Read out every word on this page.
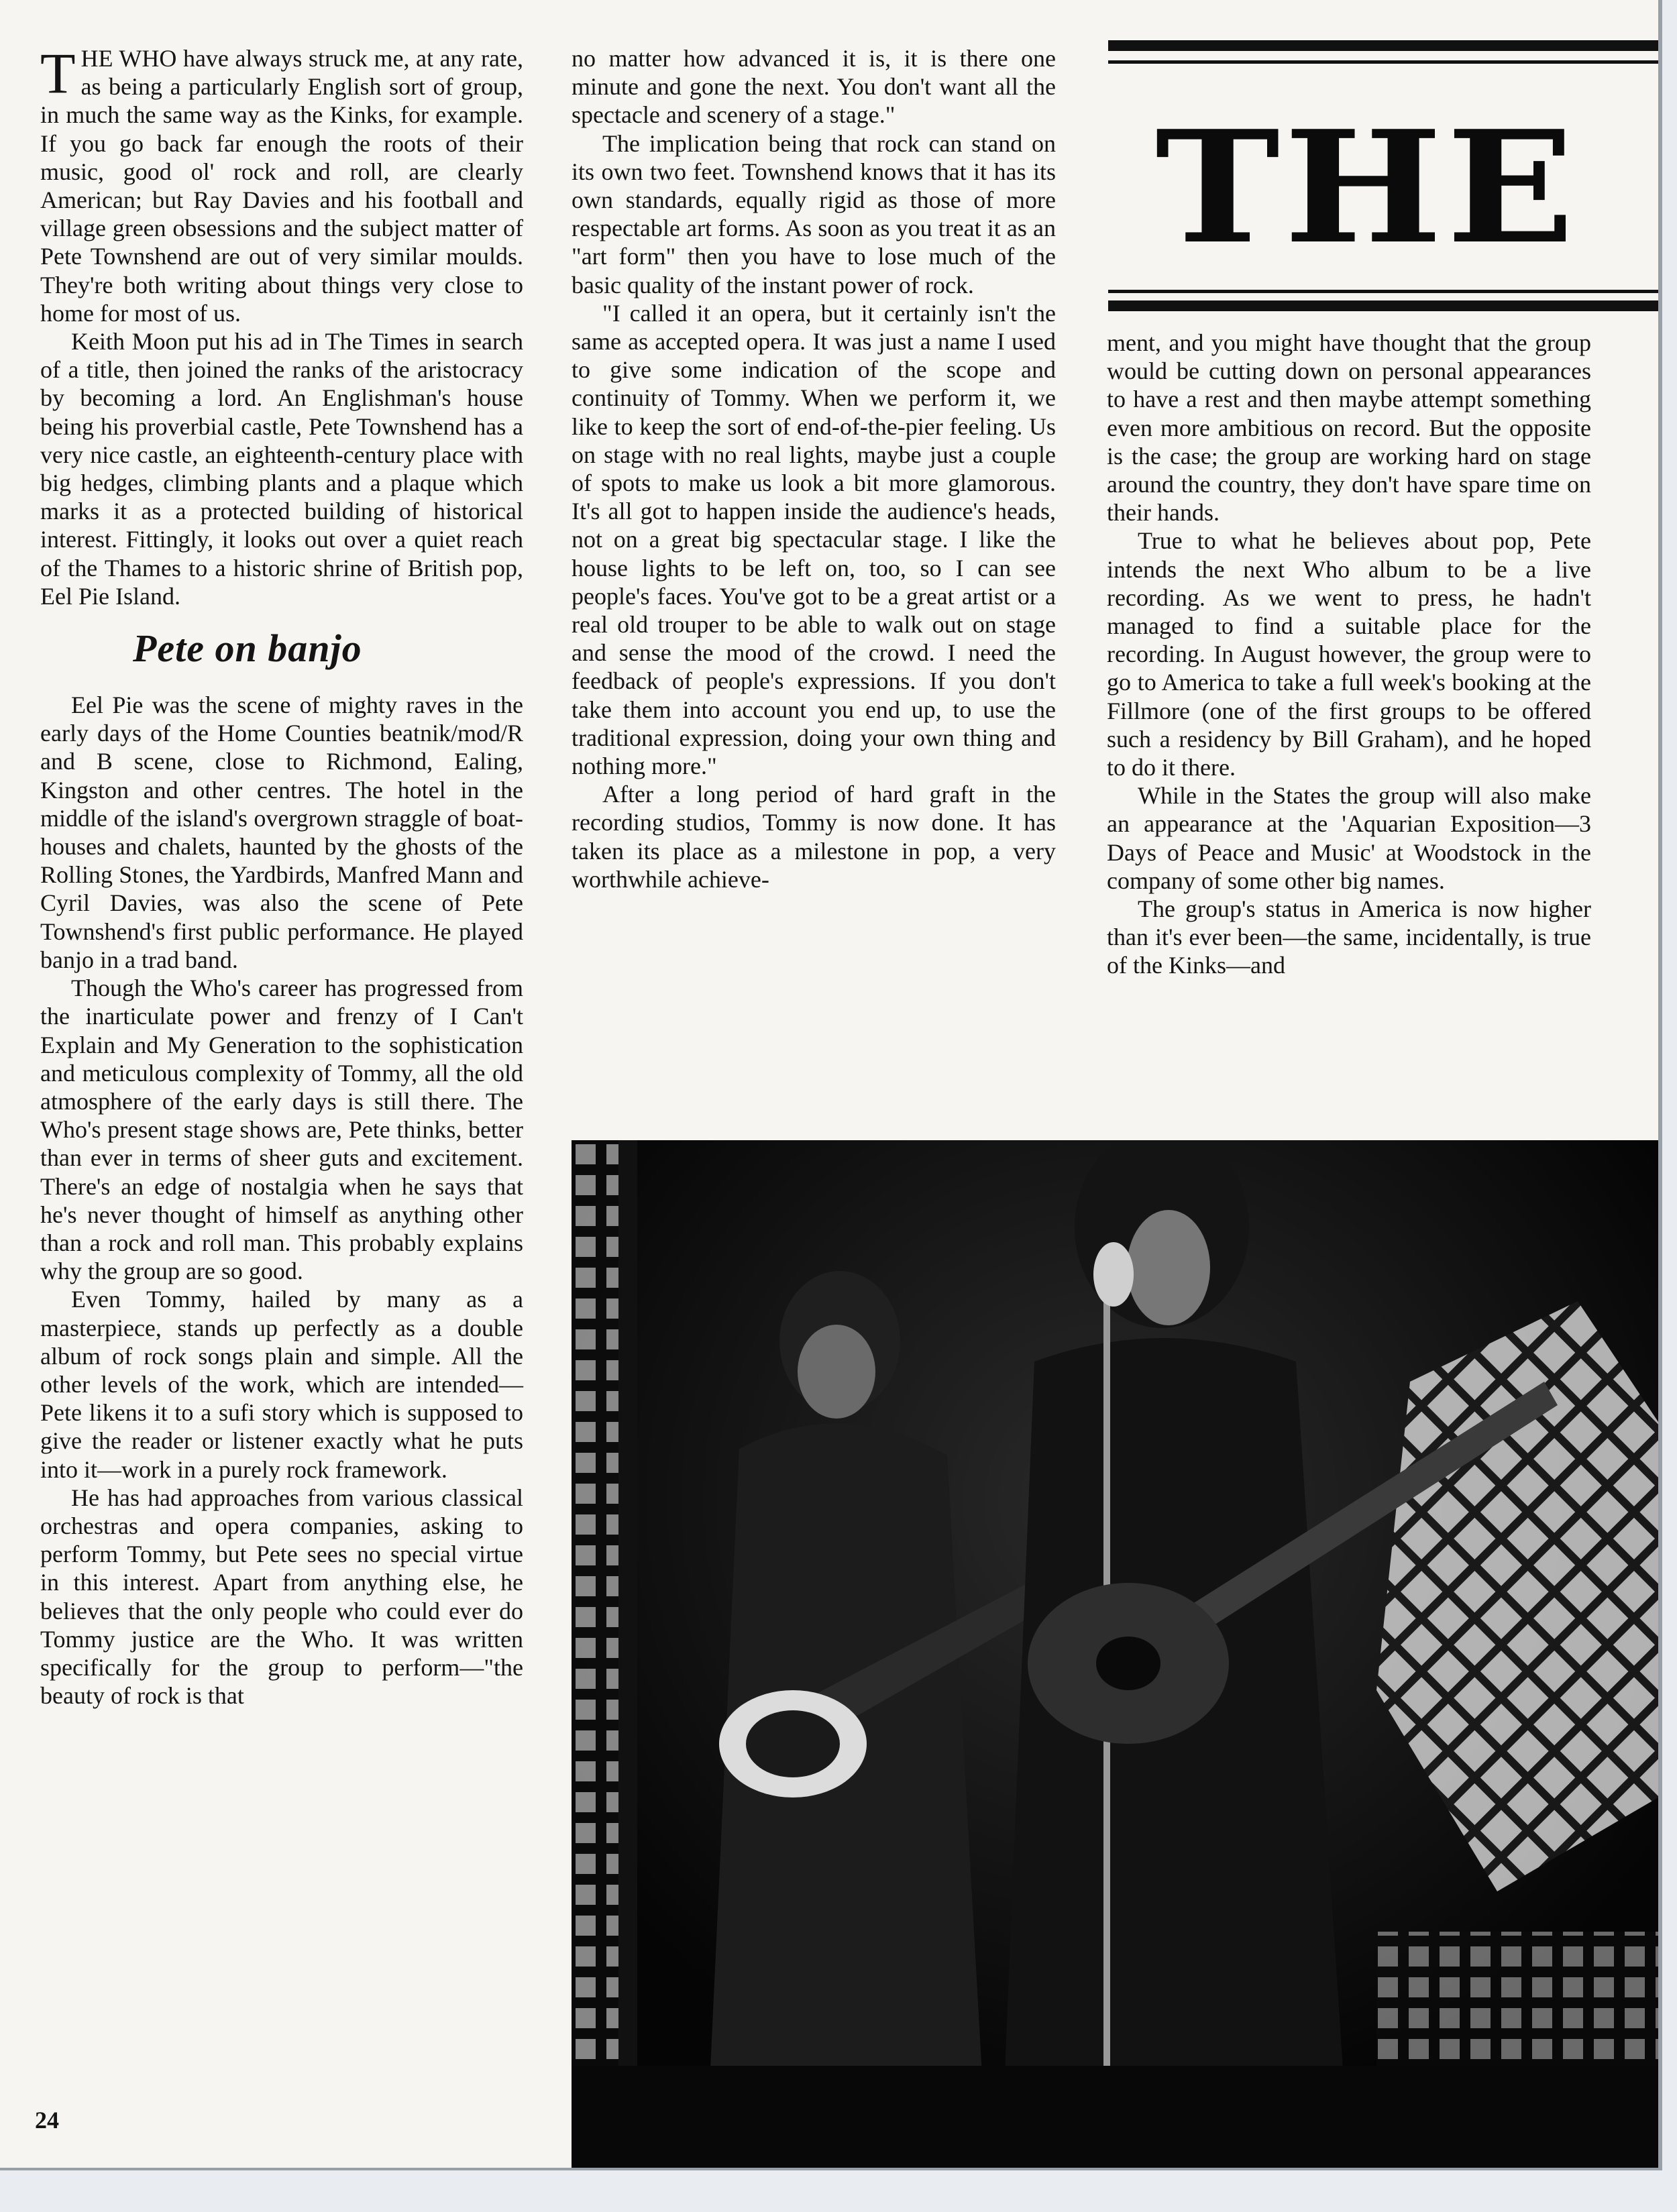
THE WHO have always struck me, at any rate, as being a particularly English sort of group, in much the same way as the Kinks, for example. If you go back far enough the roots of their music, good ol' rock and roll, are clearly American; but Ray Davies and his football and village green obsessions and the subject matter of Pete Townshend are out of very similar moulds. They're both writing about things very close to home for most of us.

Keith Moon put his ad in The Times in search of a title, then joined the ranks of the aristocracy by becoming a lord. An Englishman's house being his proverbial castle, Pete Townshend has a very nice castle, an eighteenth-century place with big hedges, climbing plants and a plaque which marks it as a protected building of historical interest. Fittingly, it looks out over a quiet reach of the Thames to a historic shrine of British pop, Eel Pie Island.

Pete on banjo

Eel Pie was the scene of mighty raves in the early days of the Home Counties beatnik/mod/R and B scene, close to Richmond, Ealing, Kingston and other centres. The hotel in the middle of the island's overgrown straggle of boat-houses and chalets, haunted by the ghosts of the Rolling Stones, the Yardbirds, Manfred Mann and Cyril Davies, was also the scene of Pete Townshend's first public performance. He played banjo in a trad band.

Though the Who's career has progressed from the inarticulate power and frenzy of I Can't Explain and My Generation to the sophistication and meticulous complexity of Tommy, all the old atmosphere of the early days is still there. The Who's present stage shows are, Pete thinks, better than ever in terms of sheer guts and excitement. There's an edge of nostalgia when he says that he's never thought of himself as anything other than a rock and roll man. This probably explains why the group are so good.

Even Tommy, hailed by many as a masterpiece, stands up perfectly as a double album of rock songs plain and simple. All the other levels of the work, which are intended—Pete likens it to a sufi story which is supposed to give the reader or listener exactly what he puts into it—work in a purely rock framework.

He has had approaches from various classical orchestras and opera companies, asking to perform Tommy, but Pete sees no special virtue in this interest. Apart from anything else, he believes that the only people who could ever do Tommy justice are the Who. It was written specifically for the group to perform—"the beauty of rock is that

no matter how advanced it is, it is there one minute and gone the next. You don't want all the spectacle and scenery of a stage."

The implication being that rock can stand on its own two feet. Townshend knows that it has its own standards, equally rigid as those of more respectable art forms. As soon as you treat it as an "art form" then you have to lose much of the basic quality of the instant power of rock.

"I called it an opera, but it certainly isn't the same as accepted opera. It was just a name I used to give some indication of the scope and continuity of Tommy. When we perform it, we like to keep the sort of end-of-the-pier feeling. Us on stage with no real lights, maybe just a couple of spots to make us look a bit more glamorous. It's all got to happen inside the audience's heads, not on a great big spectacular stage. I like the house lights to be left on, too, so I can see people's faces. You've got to be a great artist or a real old trouper to be able to walk out on stage and sense the mood of the crowd. I need the feedback of people's expressions. If you don't take them into account you end up, to use the traditional expression, doing your own thing and nothing more."

After a long period of hard graft in the recording studios, Tommy is now done. It has taken its place as a milestone in pop, a very worthwhile achieve-

THE

ment, and you might have thought that the group would be cutting down on personal appearances to have a rest and then maybe attempt something even more ambitious on record. But the opposite is the case; the group are working hard on stage around the country, they don't have spare time on their hands.

True to what he believes about pop, Pete intends the next Who album to be a live recording. As we went to press, he hadn't managed to find a suitable place for the recording. In August however, the group were to go to America to take a full week's booking at the Fillmore (one of the first groups to be offered such a residency by Bill Graham), and he hoped to do it there.

While in the States the group will also make an appearance at the 'Aquarian Exposition—3 Days of Peace and Music' at Woodstock in the company of some other big names.

The group's status in America is now higher than it's ever been—the same, incidentally, is true of the Kinks—and

24
